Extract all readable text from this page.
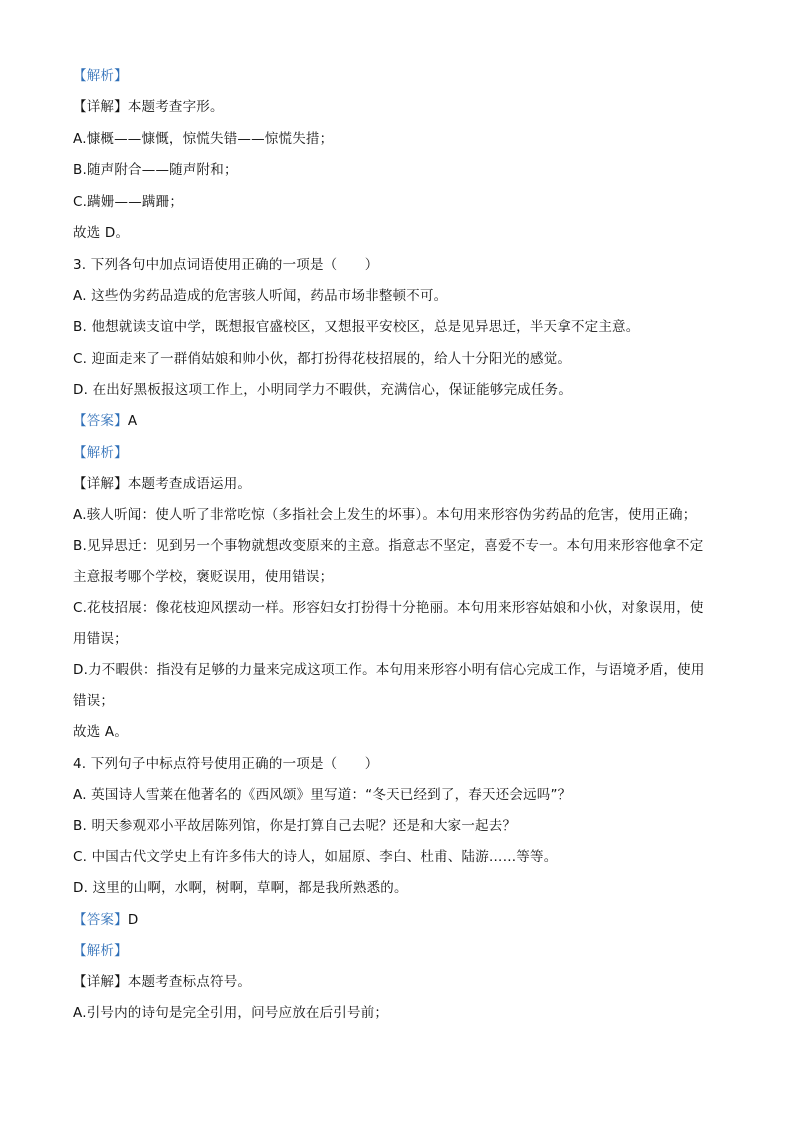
【解析】
【详解】本题考查字形。
A.慷概——慷慨，惊慌失错——惊慌失措；
B.随声附合——随声附和；
C.蹒姗——蹒跚；
故选 D。
3. 下列各句中加点词语使用正确的一项是（　　）
A. 这些伪劣药品造成的危害骇人听闻，药品市场非整顿不可。
B. 他想就读支谊中学，既想报官盛校区，又想报平安校区，总是见异思迁，半天拿不定主意。
C. 迎面走来了一群俏姑娘和帅小伙，都打扮得花枝招展的，给人十分阳光的感觉。
D. 在出好黑板报这项工作上，小明同学力不暇供，充满信心，保证能够完成任务。
【答案】A
【解析】
【详解】本题考查成语运用。
A.骇人听闻：使人听了非常吃惊（多指社会上发生的坏事）。本句用来形容伪劣药品的危害，使用正确；
B.见异思迁：见到另一个事物就想改变原来的主意。指意志不坚定，喜爱不专一。本句用来形容他拿不定
主意报考哪个学校，褒贬误用，使用错误；
C.花枝招展：像花枝迎风摆动一样。形容妇女打扮得十分艳丽。本句用来形容姑娘和小伙，对象误用，使
用错误；
D.力不暇供：指没有足够的力量来完成这项工作。本句用来形容小明有信心完成工作，与语境矛盾，使用
错误；
故选 A。
4. 下列句子中标点符号使用正确的一项是（　　）
A. 英国诗人雪莱在他著名的《西风颂》里写道：“冬天已经到了，春天还会远吗”？
B. 明天参观邓小平故居陈列馆，你是打算自己去呢？还是和大家一起去？
C. 中国古代文学史上有许多伟大的诗人，如屈原、李白、杜甫、陆游……等等。
D. 这里的山啊，水啊，树啊，草啊，都是我所熟悉的。
【答案】D
【解析】
【详解】本题考查标点符号。
A.引号内的诗句是完全引用，问号应放在后引号前；
